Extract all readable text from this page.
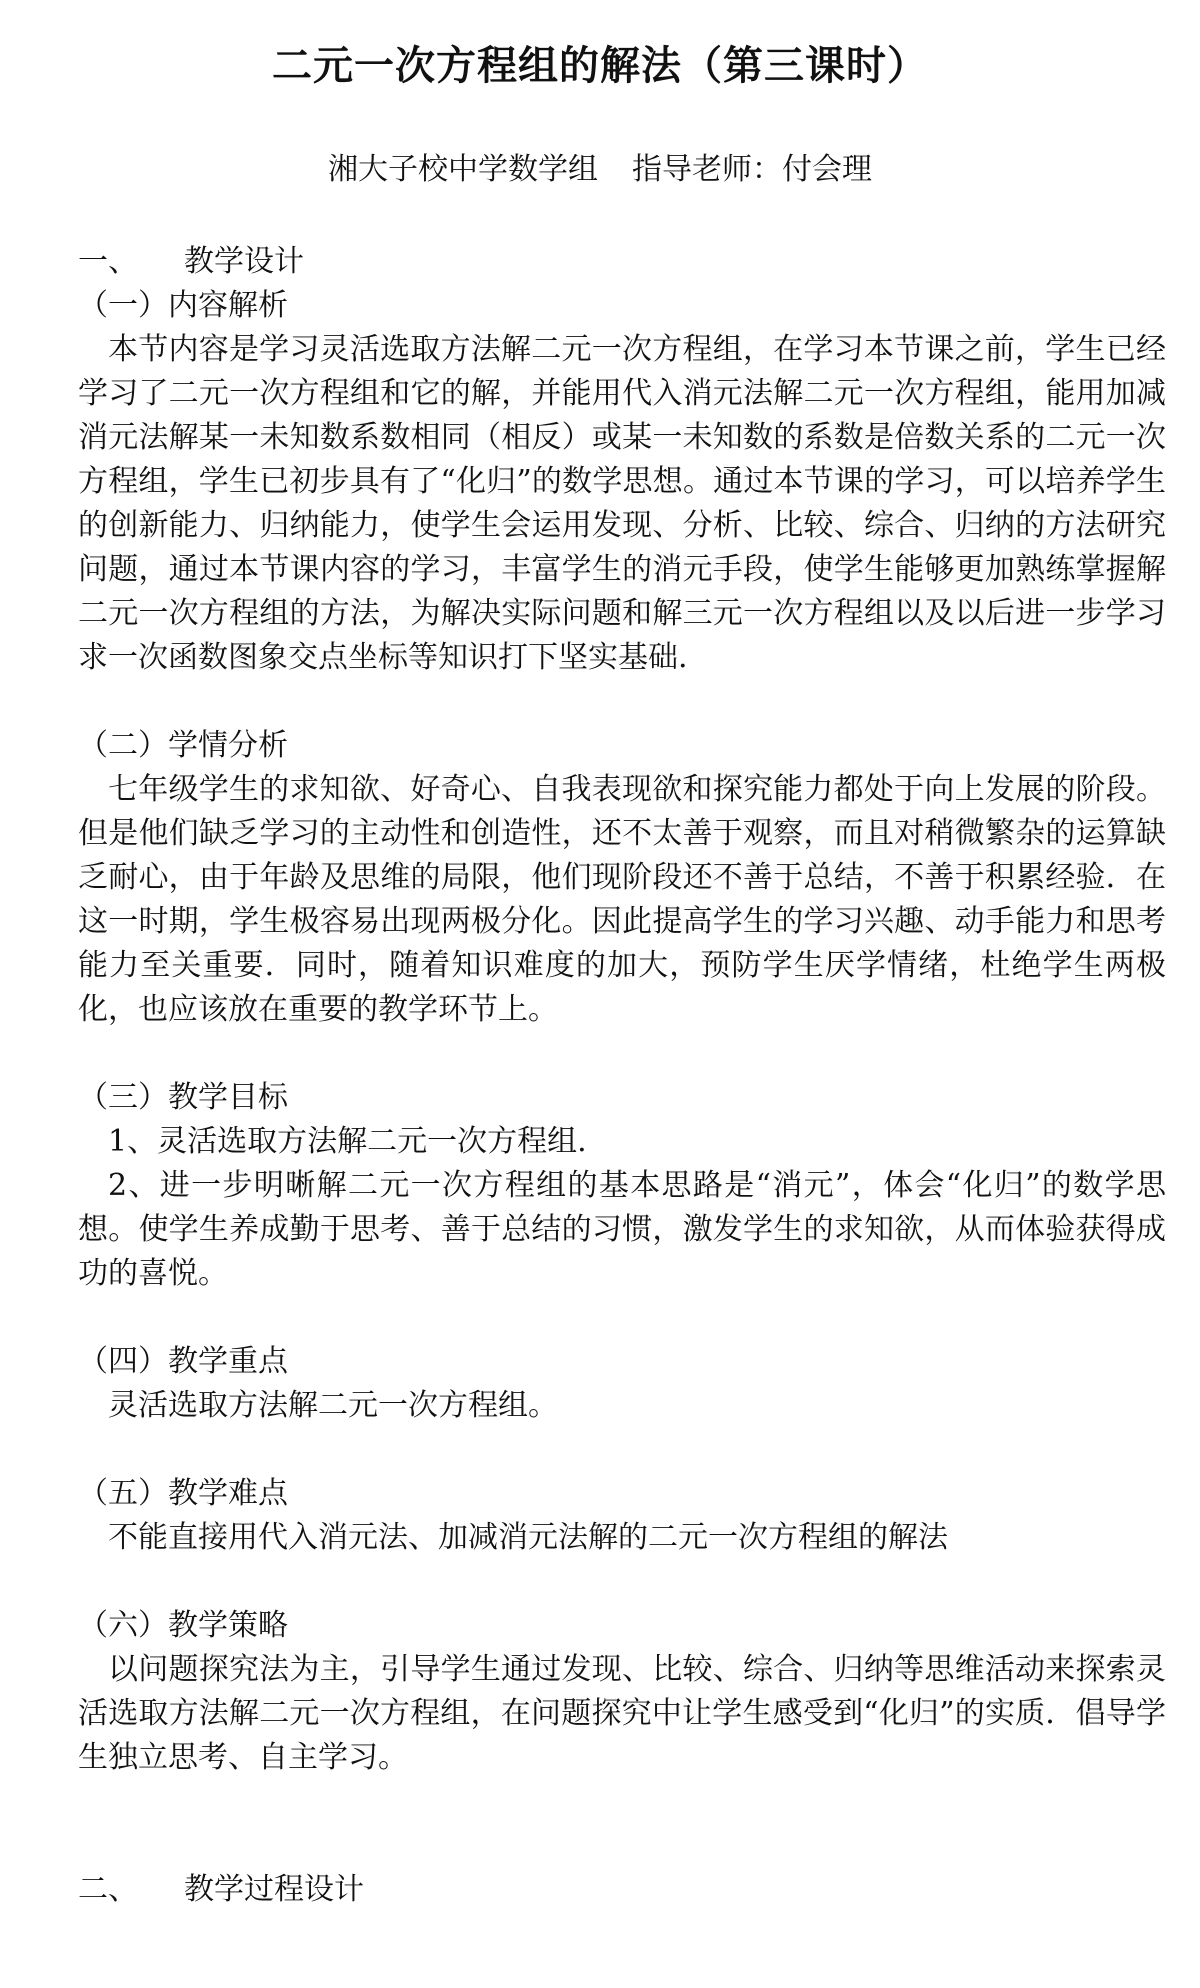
二元一次方程组的解法（第三课时）
湘大子校中学数学组 指导老师：付会理

一、 教学设计

（一）内容解析

本节内容是学习灵活选取方法解二元一次方程组，在学习本节课之前，学生已经学习了二元一次方程组和它的解，并能用代入消元法解二元一次方程组，能用加减消元法解某一未知数系数相同（相反）或某一未知数的系数是倍数关系的二元一次方程组，学生已初步具有了“化归”的数学思想。通过本节课的学习，可以培养学生的创新能力、归纳能力，使学生会运用发现、分析、比较、综合、归纳的方法研究问题，通过本节课内容的学习，丰富学生的消元手段，使学生能够更加熟练掌握解二元一次方程组的方法，为解决实际问题和解三元一次方程组以及以后进一步学习求一次函数图象交点坐标等知识打下坚实基础.

（二）学情分析

七年级学生的求知欲、好奇心、自我表现欲和探究能力都处于向上发展的阶段。但是他们缺乏学习的主动性和创造性，还不太善于观察，而且对稍微繁杂的运算缺乏耐心，由于年龄及思维的局限，他们现阶段还不善于总结，不善于积累经验．在这一时期，学生极容易出现两极分化。因此提高学生的学习兴趣、动手能力和思考能力至关重要．同时，随着知识难度的加大，预防学生厌学情绪，杜绝学生两极化，也应该放在重要的教学环节上。

（三）教学目标

1、灵活选取方法解二元一次方程组.

2、进一步明晰解二元一次方程组的基本思路是“消元”，体会“化归”的数学思想。使学生养成勤于思考、善于总结的习惯，激发学生的求知欲，从而体验获得成功的喜悦。

（四）教学重点

灵活选取方法解二元一次方程组。

（五）教学难点

不能直接用代入消元法、加减消元法解的二元一次方程组的解法

（六）教学策略

以问题探究法为主，引导学生通过发现、比较、综合、归纳等思维活动来探索灵活选取方法解二元一次方程组，在问题探究中让学生感受到“化归”的实质．倡导学生独立思考、自主学习。

二、 教学过程设计
